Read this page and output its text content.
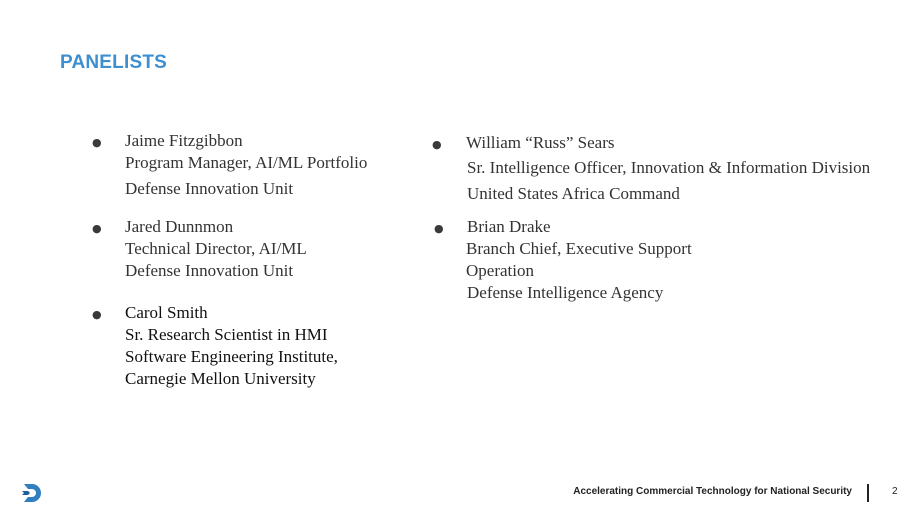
PANELISTS
● Jaime Fitzgibbon
Program Manager, AI/ML Portfolio
Defense Innovation Unit
● Jared Dunnmon
Technical Director, AI/ML
Defense Innovation Unit
● Carol Smith
Sr. Research Scientist in HMI
Software Engineering Institute,
Carnegie Mellon University
● William “Russ” Sears
Sr. Intelligence Officer, Innovation & Information Division
United States Africa Command
● Brian Drake
Branch Chief, Executive Support
Operation
Defense Intelligence Agency
Accelerating Commercial Technology for National Security	2
